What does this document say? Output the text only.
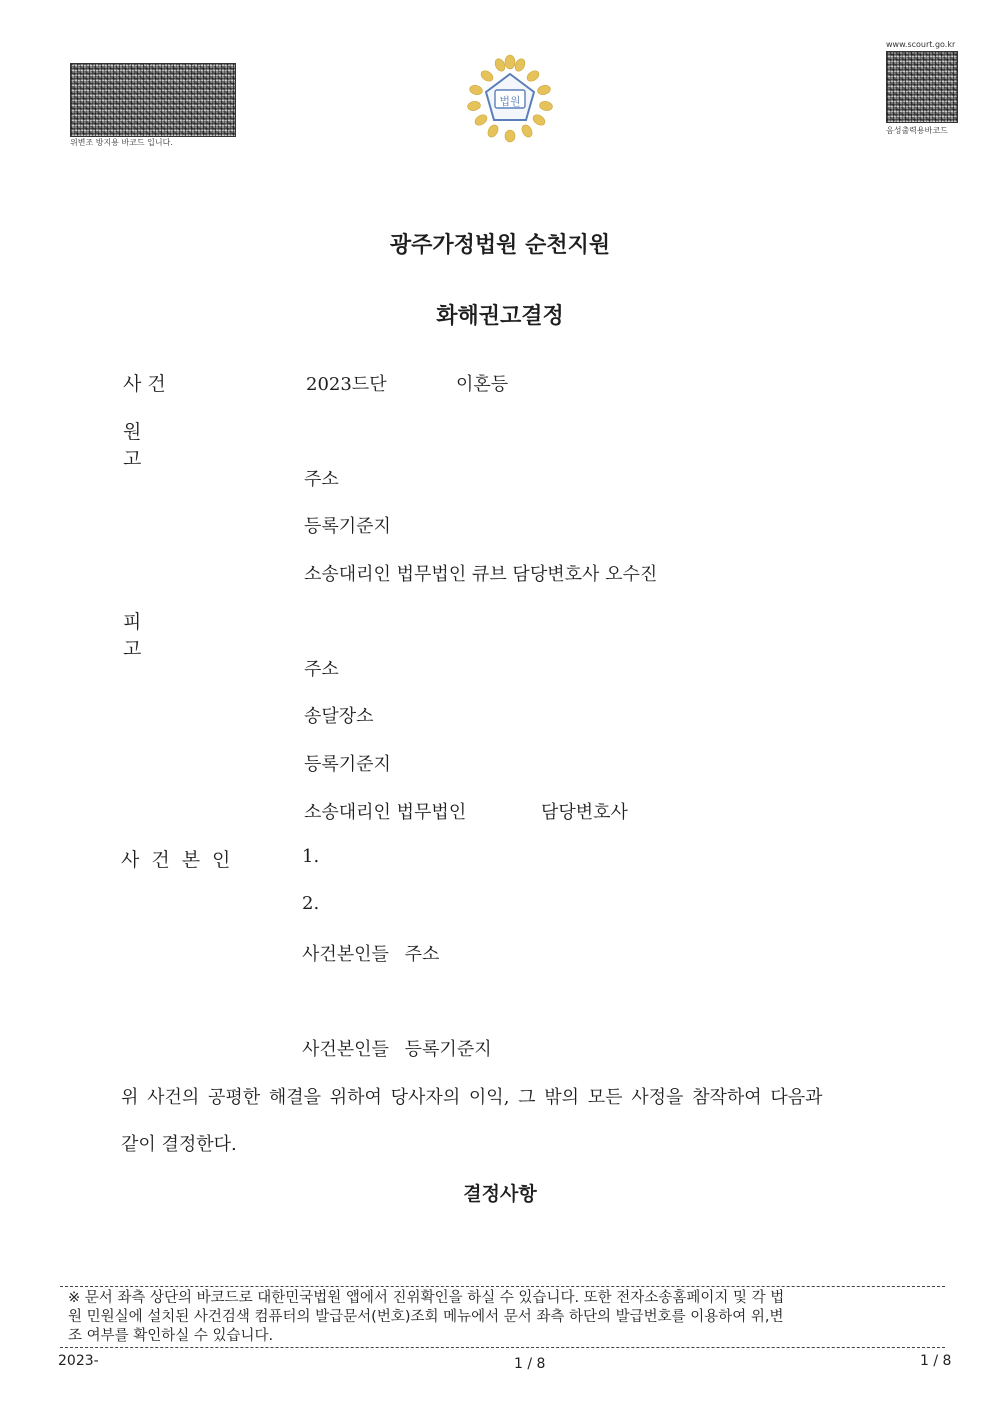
위변조 방지용 바코드 입니다.
법원
www.scourt.go.kr
음성출력용바코드
광주가정법원 순천지원
화해권고결정
사 건	2023드단	이혼등
원 고
주소
등록기준지
소송대리인 법무법인 큐브 담당변호사 오수진
피 고
주소
송달장소
등록기준지
소송대리인 법무법인	담당변호사
사건본인	1.
2.
사건본인들 주소
사건본인들 등록기준지
위 사건의 공평한 해결을 위하여 당사자의 이익, 그 밖의 모든 사정을 참작하여 다음과
같이 결정한다.
결정사항
※ 문서 좌측 상단의 바코드로 대한민국법원 앱에서 진위확인을 하실 수 있습니다. 또한 전자소송홈페이지 및 각 법
원 민원실에 설치된 사건검색 컴퓨터의 발급문서(번호)조회 메뉴에서 문서 좌측 하단의 발급번호를 이용하여 위,변
조 여부를 확인하실 수 있습니다.
2023-	1 / 8	1 / 8
